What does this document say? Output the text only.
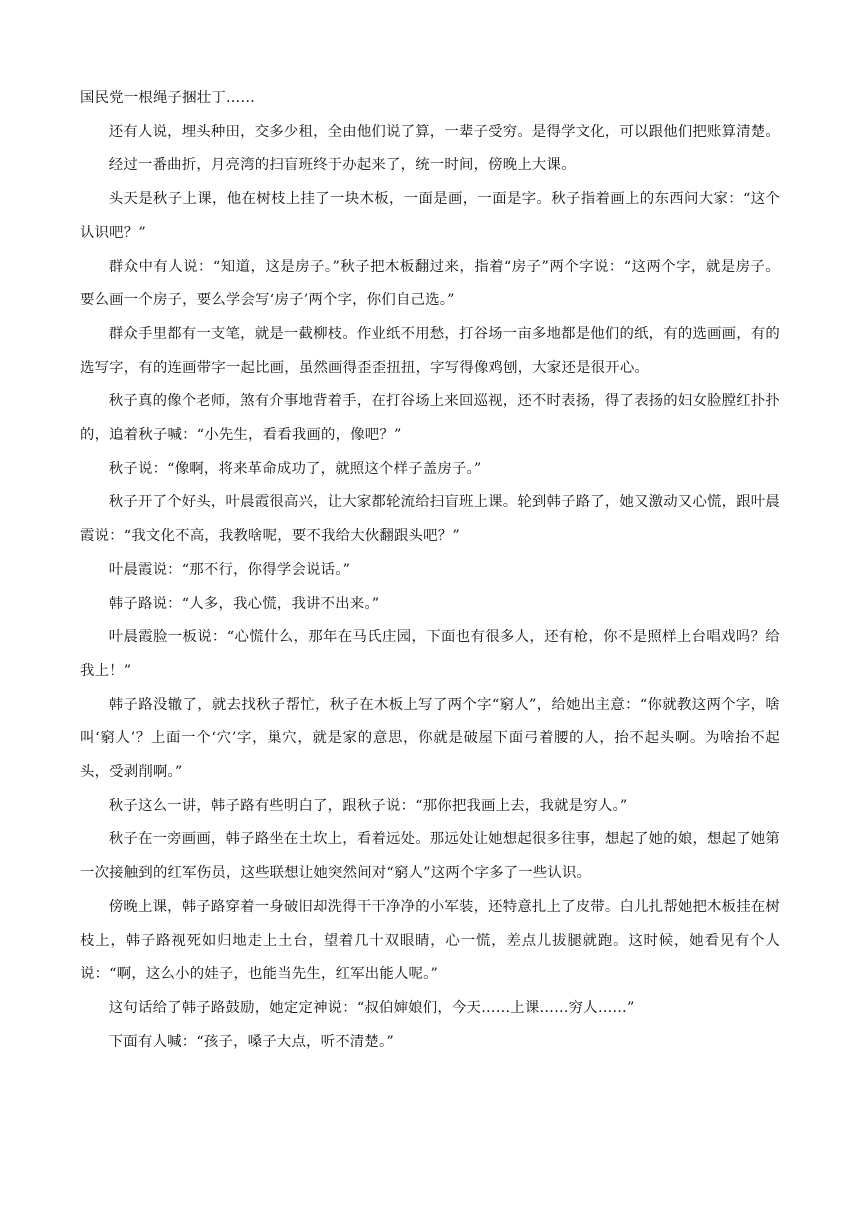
国民党一根绳子捆壮丁……

还有人说，埋头种田，交多少租，全由他们说了算，一辈子受穷。是得学文化，可以跟他们把账算清楚。

经过一番曲折，月亮湾的扫盲班终于办起来了，统一时间，傍晚上大课。

头天是秋子上课，他在树枝上挂了一块木板，一面是画，一面是字。秋子指着画上的东西问大家：“这个认识吧？”

群众中有人说：“知道，这是房子。”秋子把木板翻过来，指着“房子”两个字说：“这两个字，就是房子。要么画一个房子，要么学会写‘房子’两个字，你们自己选。”

群众手里都有一支笔，就是一截柳枝。作业纸不用愁，打谷场一亩多地都是他们的纸，有的选画画，有的选写字，有的连画带字一起比画，虽然画得歪歪扭扭，字写得像鸡刨，大家还是很开心。

秋子真的像个老师，煞有介事地背着手，在打谷场上来回巡视，还不时表扬，得了表扬的妇女脸膛红扑扑的，追着秋子喊：“小先生，看看我画的，像吧？”

秋子说：“像啊，将来革命成功了，就照这个样子盖房子。”

秋子开了个好头，叶晨霞很高兴，让大家都轮流给扫盲班上课。轮到韩子路了，她又激动又心慌，跟叶晨霞说：“我文化不高，我教啥呢，要不我给大伙翻跟头吧？”

叶晨霞说：“那不行，你得学会说话。”

韩子路说：“人多，我心慌，我讲不出来。”

叶晨霞脸一板说：“心慌什么，那年在马氏庄园，下面也有很多人，还有枪，你不是照样上台唱戏吗？给我上！”

韩子路没辙了，就去找秋子帮忙，秋子在木板上写了两个字“窮人”，给她出主意：“你就教这两个字，啥叫‘窮人’？上面一个‘穴’字，巢穴，就是家的意思，你就是破屋下面弓着腰的人，抬不起头啊。为啥抬不起头，受剥削啊。”

秋子这么一讲，韩子路有些明白了，跟秋子说：“那你把我画上去，我就是穷人。”

秋子在一旁画画，韩子路坐在土坎上，看着远处。那远处让她想起很多往事，想起了她的娘，想起了她第一次接触到的红军伤员，这些联想让她突然间对“窮人”这两个字多了一些认识。

傍晚上课，韩子路穿着一身破旧却洗得干干净净的小军装，还特意扎上了皮带。白儿扎帮她把木板挂在树枝上，韩子路视死如归地走上土台，望着几十双眼睛，心一慌，差点儿拔腿就跑。这时候，她看见有个人说：“啊，这么小的娃子，也能当先生，红军出能人呢。”

这句话给了韩子路鼓励，她定定神说：“叔伯婶娘们，今天……上课……穷人……”

下面有人喊：“孩子，嗓子大点，听不清楚。”
